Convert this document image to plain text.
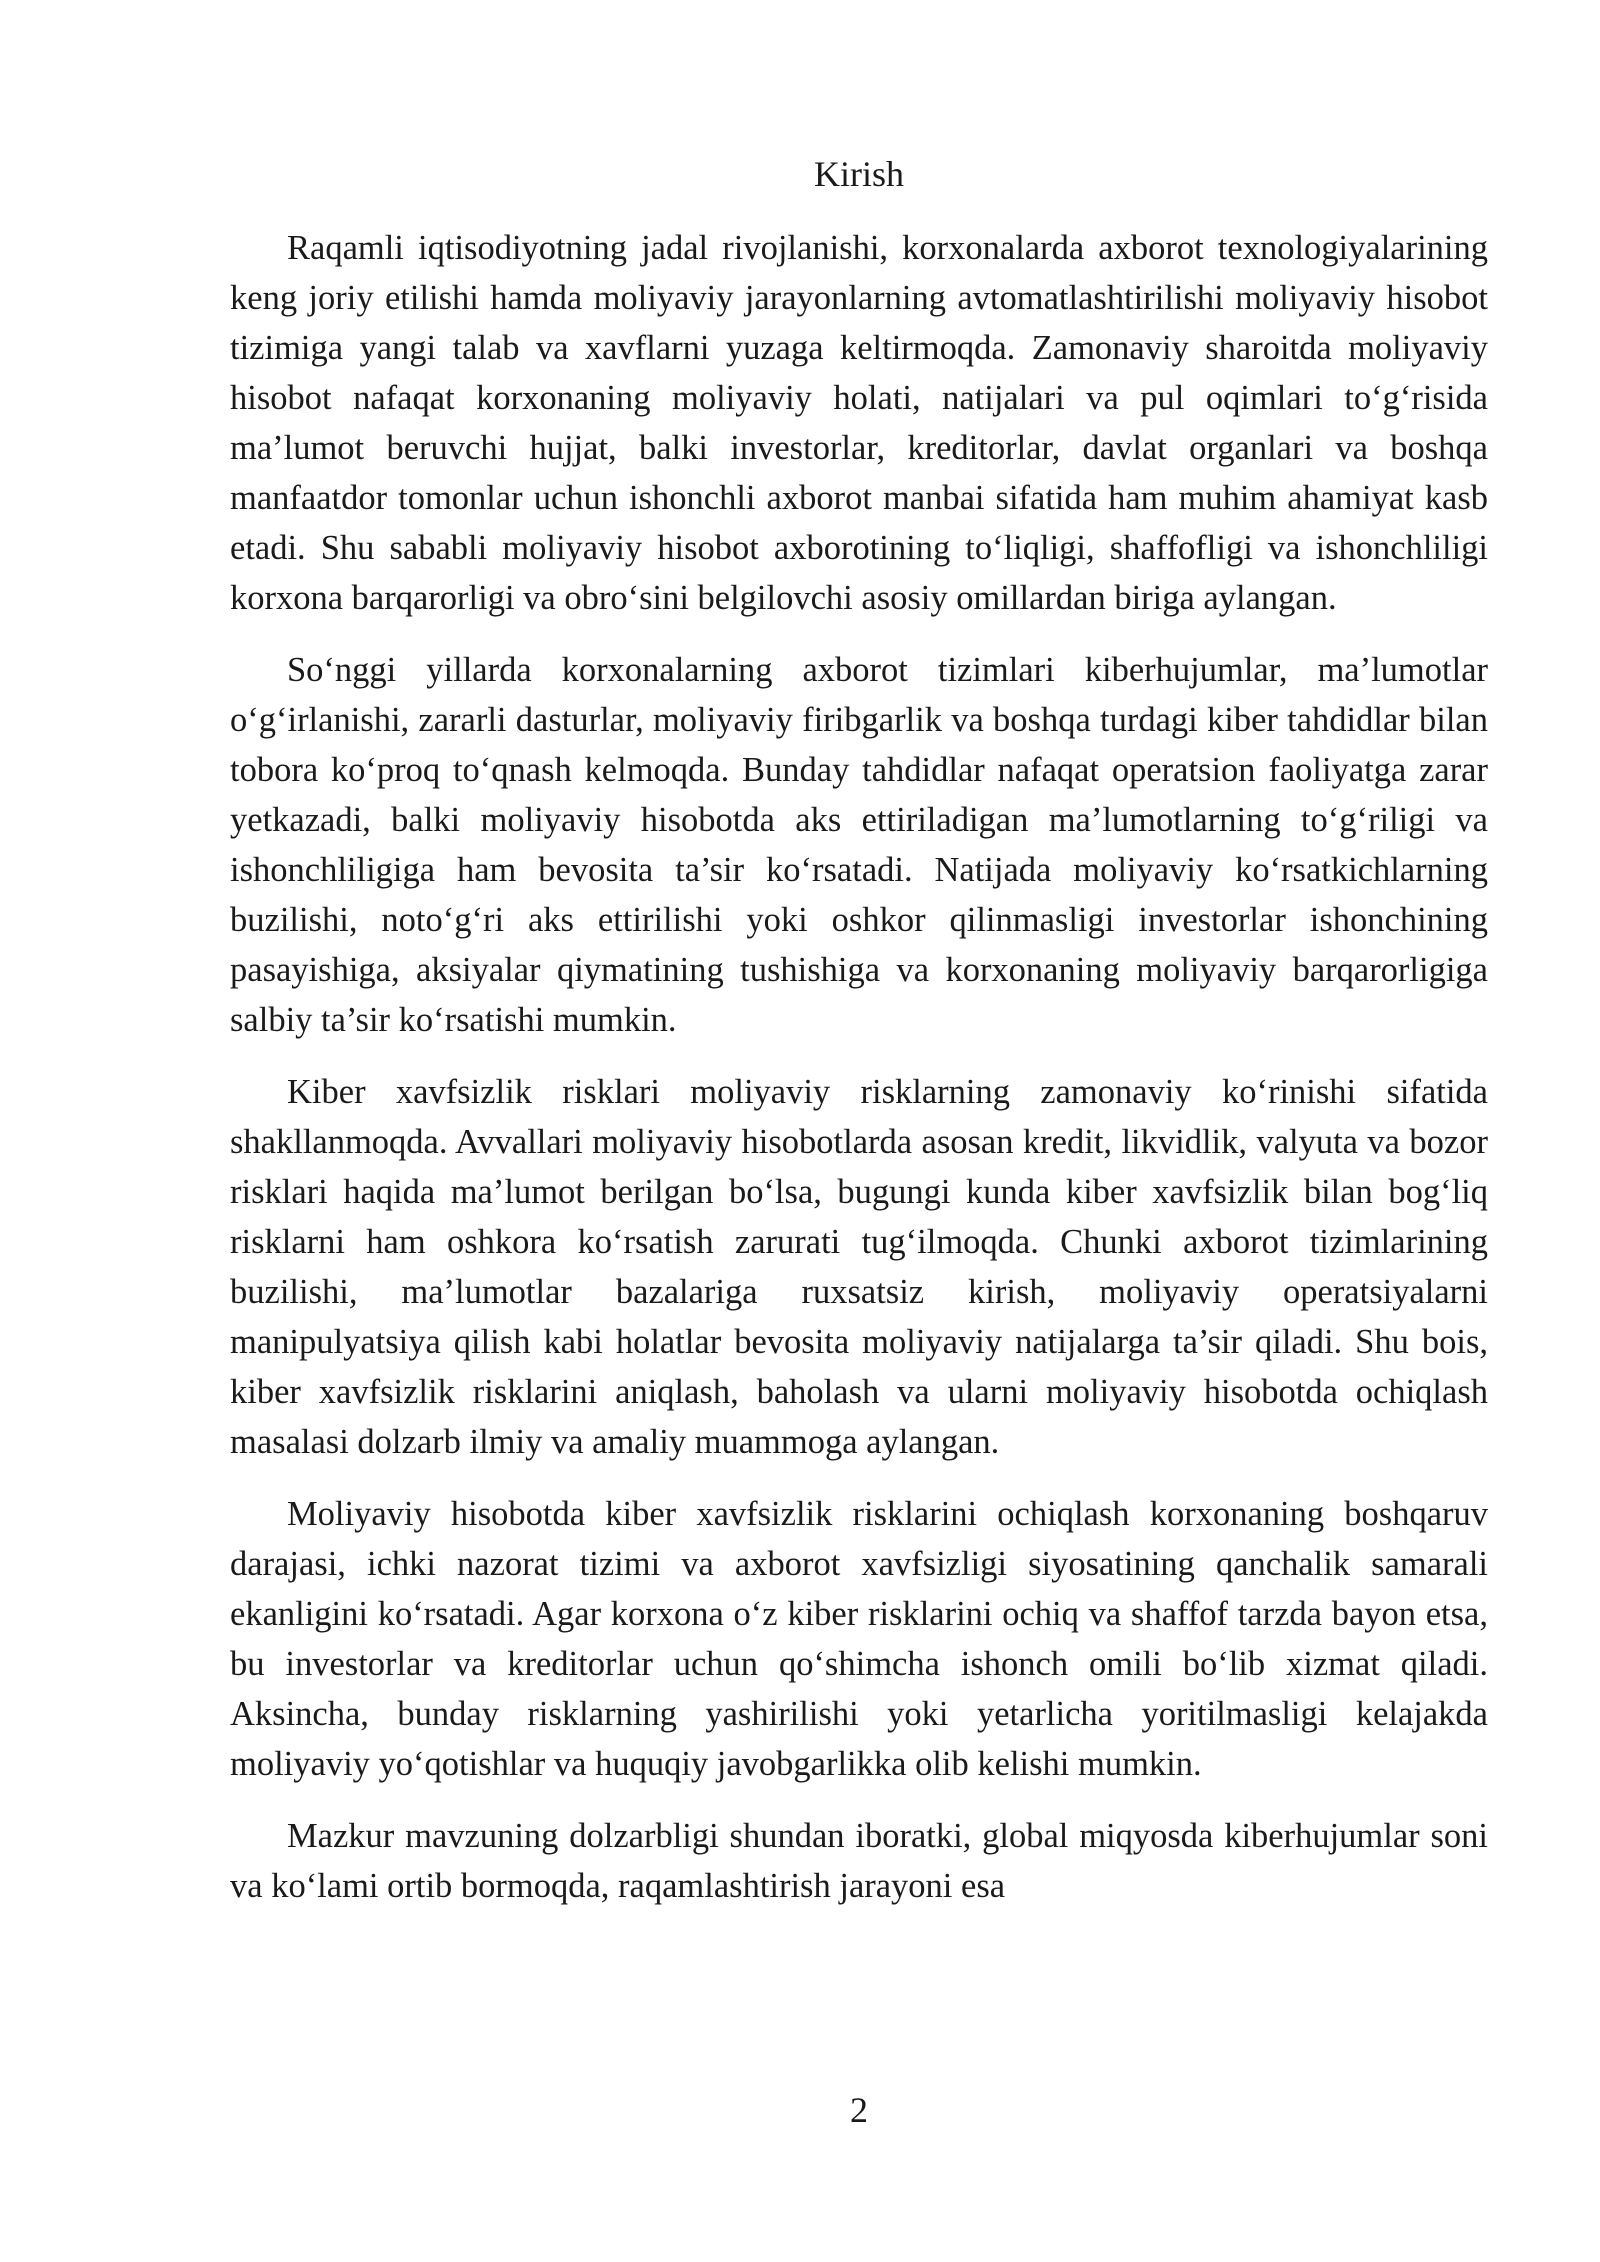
Kirish

Raqamli iqtisodiyotning jadal rivojlanishi, korxonalarda axborot texnologiyalarining keng joriy etilishi hamda moliyaviy jarayonlarning avtomatlashtirilishi moliyaviy hisobot tizimiga yangi talab va xavflarni yuzaga keltirmoqda. Zamonaviy sharoitda moliyaviy hisobot nafaqat korxonaning moliyaviy holati, natijalari va pul oqimlari to‘g‘risida ma’lumot beruvchi hujjat, balki investorlar, kreditorlar, davlat organlari va boshqa manfaatdor tomonlar uchun ishonchli axborot manbai sifatida ham muhim ahamiyat kasb etadi. Shu sababli moliyaviy hisobot axborotining to‘liqligi, shaffofligi va ishonchliligi korxona barqarorligi va obro‘sini belgilovchi asosiy omillardan biriga aylangan.

So‘nggi yillarda korxonalarning axborot tizimlari kiberhujumlar, ma’lumotlar o‘g‘irlanishi, zararli dasturlar, moliyaviy firibgarlik va boshqa turdagi kiber tahdidlar bilan tobora ko‘proq to‘qnash kelmoqda. Bunday tahdidlar nafaqat operatsion faoliyatga zarar yetkazadi, balki moliyaviy hisobotda aks ettiriladigan ma’lumotlarning to‘g‘riligi va ishonchliligiga ham bevosita ta’sir ko‘rsatadi. Natijada moliyaviy ko‘rsatkichlarning buzilishi, noto‘g‘ri aks ettirilishi yoki oshkor qilinmasligi investorlar ishonchining pasayishiga, aksiyalar qiymatining tushishiga va korxonaning moliyaviy barqarorligiga salbiy ta’sir ko‘rsatishi mumkin.

Kiber xavfsizlik risklari moliyaviy risklarning zamonaviy ko‘rinishi sifatida shakllanmoqda. Avvallari moliyaviy hisobotlarda asosan kredit, likvidlik, valyuta va bozor risklari haqida ma’lumot berilgan bo‘lsa, bugungi kunda kiber xavfsizlik bilan bog‘liq risklarni ham oshkora ko‘rsatish zarurati tug‘ilmoqda. Chunki axborot tizimlarining buzilishi, ma’lumotlar bazalariga ruxsatsiz kirish, moliyaviy operatsiyalarni manipulyatsiya qilish kabi holatlar bevosita moliyaviy natijalarga ta’sir qiladi. Shu bois, kiber xavfsizlik risklarini aniqlash, baholash va ularni moliyaviy hisobotda ochiqlash masalasi dolzarb ilmiy va amaliy muammoga aylangan.

Moliyaviy hisobotda kiber xavfsizlik risklarini ochiqlash korxonaning boshqaruv darajasi, ichki nazorat tizimi va axborot xavfsizligi siyosatining qanchalik samarali ekanligini ko‘rsatadi. Agar korxona o‘z kiber risklarini ochiq va shaffof tarzda bayon etsa, bu investorlar va kreditorlar uchun qo‘shimcha ishonch omili bo‘lib xizmat qiladi. Aksincha, bunday risklarning yashirilishi yoki yetarlicha yoritilmasligi kelajakda moliyaviy yo‘qotishlar va huquqiy javobgarlikka olib kelishi mumkin.

Mazkur mavzuning dolzarbligi shundan iboratki, global miqyosda kiberhujumlar soni va ko‘lami ortib bormoqda, raqamlashtirish jarayoni esa

2
